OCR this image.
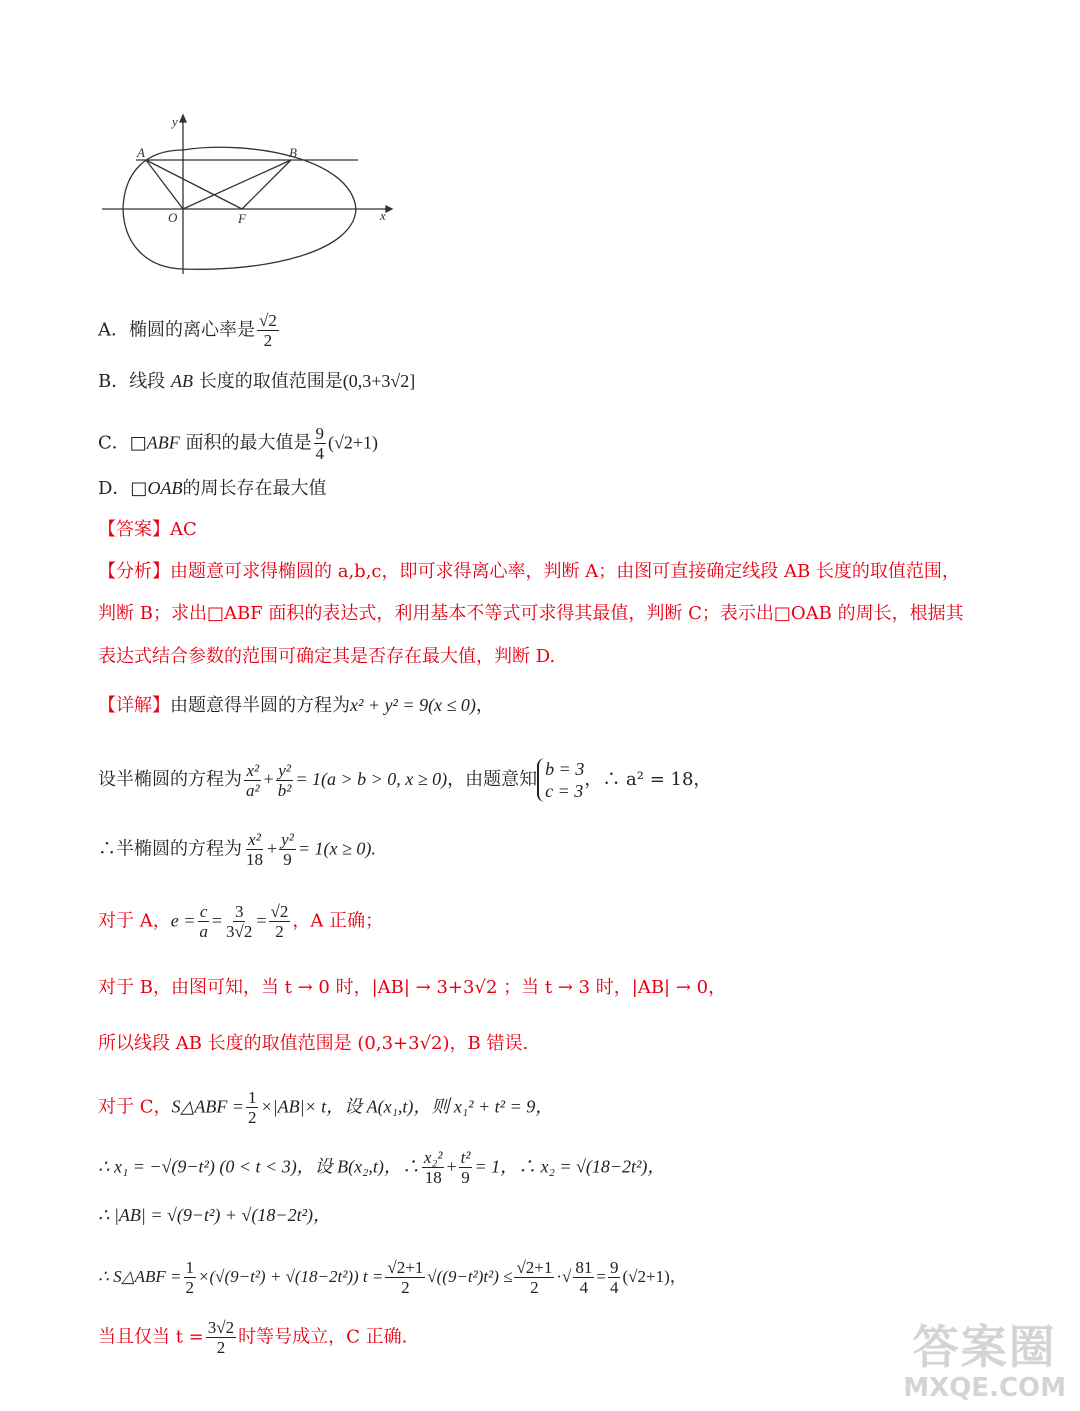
y
x
A	B
O	F
A．椭圆的离心率是 $\frac{√2}{2}$
B．线段 AB 长度的取值范围是(0,3+3√2]
C．□ABF 面积的最大值是 $\frac{9}{4} (√2+1)$
D．□OAB的周长存在最大值
【答案】AC
【分析】由题意可求得椭圆的 a,b,c，即可求得离心率，判断 A；由图可直接确定线段 AB 长度的取值范围，
判断 B；求出□ABF 面积的表达式，利用基本不等式可求得其最值，判断 C；表示出□OAB 的周长，根据其
表达式结合参数的范围可确定其是否存在最大值，判断 D.
【详解】由题意得半圆的方程为x² + y² = 9(x ≤ 0)，
设半椭圆的方程为 $\frac{\text{x²}}{\text{a²}} + \frac{\text{y²}}{\text{b²}} = 1(a > b > 0$, x ≥ 0)，由题意知 b = 3
c = 3
，∴ a² = 18，
∴半椭圆的方程为 $\frac{\text{x²}}{18} + \frac{\text{y²}}{9} = 1(x \ge 0)$.
对于 A，$e = \frac{c}{a} = \frac{3}{3√2} = \frac{√2}{2}$ ，A 正确；
对于 B，由图可知，当 t → 0 时，|AB| → 3+3√2 ；当 t → 3 时，|AB| → 0，
所以线段 AB 长度的取值范围是 (0,3+3√2)，B 错误.
对于 C，S△ABF = $\frac{1}{2} \times|AB|\times t$，设 A(x₁,t)，则 x₁² + t² = 9，
∴ x₁ = −√(9−t²) (0 < t < 3)，设 B(x₂,t)，∴ $\frac{\text{x₂²}}{18} + \frac{\text{t²}}{9} = 1$，∴ x₂ = √(18−2t²)，
∴ |AB| = √(9−t²) + √(18−2t²)，
∴ S△ABF = $\frac{1}{2} \times(√(9-t^2) + √(18-2t^2)) t = \frac{√2+1}{2} √((9-t^2)t^2) \le \frac{√2+1}{2}$ ·√ $\frac{81}{4} = \frac{9}{4} (√2+1)$，
当且仅当 $t = \frac{3√2}{2}$ 时等号成立，C 正确.	答案圈
MXQE.COM
